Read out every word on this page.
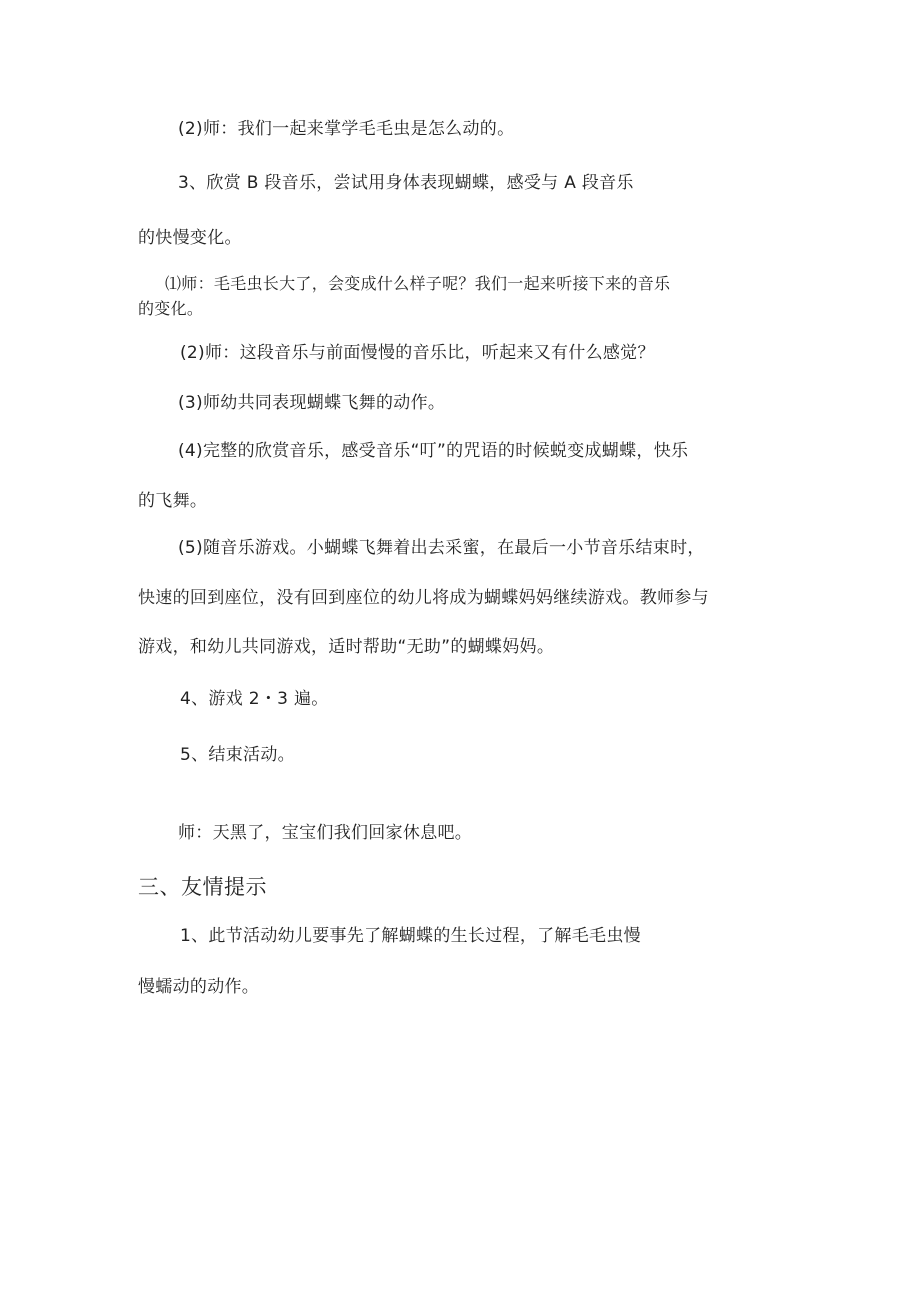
(2)师：我们一起来掌学毛毛虫是怎么动的。
3、欣赏 B 段音乐，尝试用身体表现蝴蝶，感受与 A 段音乐
的快慢变化。
⑴师：毛毛虫长大了，会变成什么样子呢？我们一起来听接下来的音乐
的变化。
(2)师：这段音乐与前面慢慢的音乐比，听起来又有什么感觉？
(3)师幼共同表现蝴蝶飞舞的动作。
(4)完整的欣赏音乐，感受音乐“叮”的咒语的时候蜕变成蝴蝶，快乐
的飞舞。
(5)随音乐游戏。小蝴蝶飞舞着出去采蜜，在最后一小节音乐结束时，
快速的回到座位，没有回到座位的幼儿将成为蝴蝶妈妈继续游戏。教师参与
游戏，和幼儿共同游戏，适时帮助“无助”的蝴蝶妈妈。
4、游戏 2・3 遍。
5、结束活动。
师：天黑了，宝宝们我们回家休息吧。
三、友情提示
1、此节活动幼儿要事先了解蝴蝶的生长过程，了解毛毛虫慢
慢蠕动的动作。
